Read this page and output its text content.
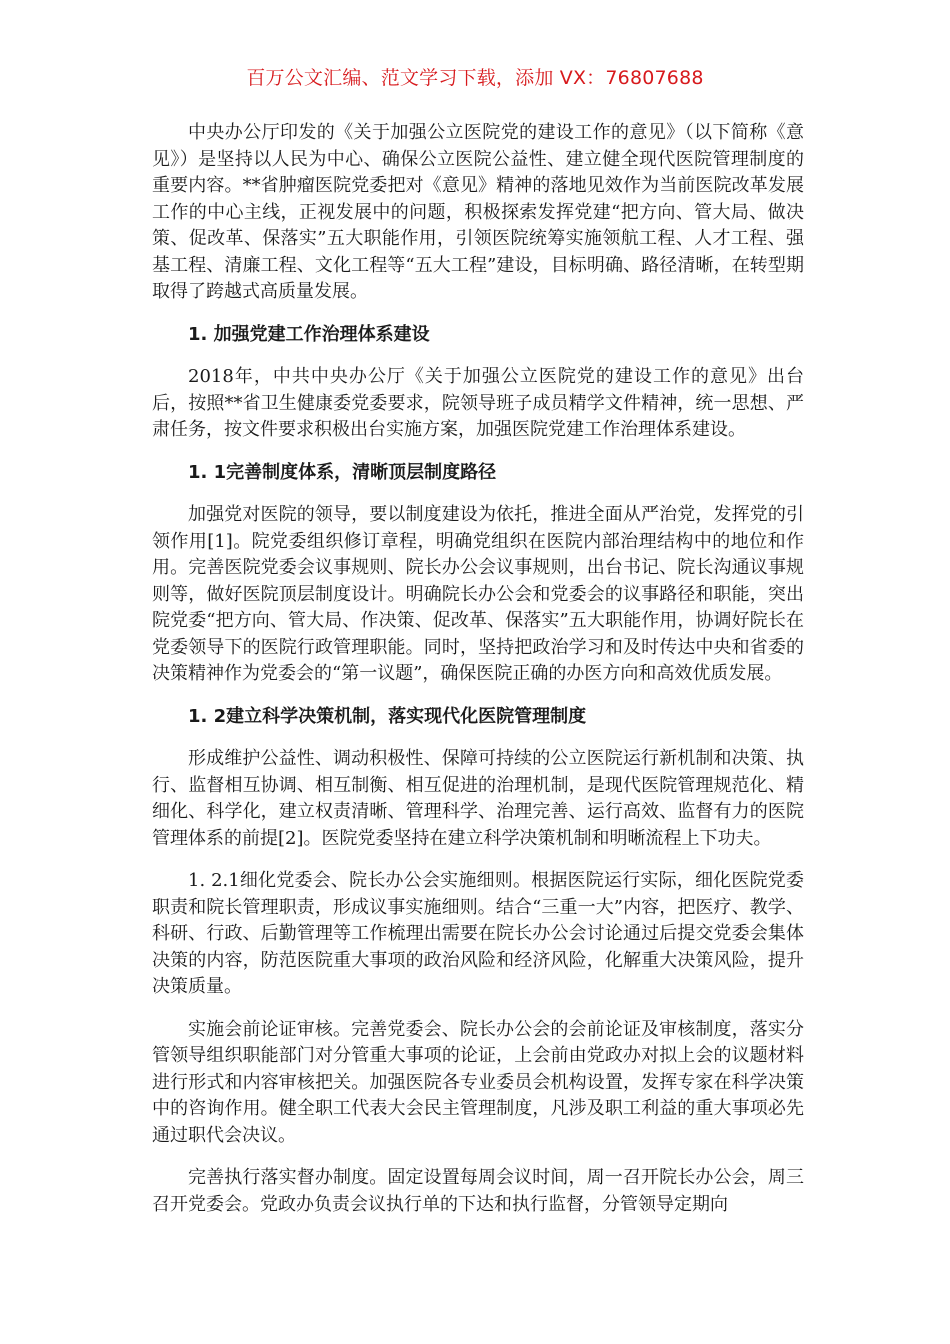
百万公文汇编、范文学习下载，添加 VX：76807688

中央办公厅印发的《关于加强公立医院党的建设工作的意见》（以下简称《意见》）是坚持以人民为中心、确保公立医院公益性、建立健全现代医院管理制度的重要内容。**省肿瘤医院党委把对《意见》精神的落地见效作为当前医院改革发展工作的中心主线，正视发展中的问题，积极探索发挥党建“把方向、管大局、做决策、促改革、保落实”五大职能作用，引领医院统筹实施领航工程、人才工程、强基工程、清廉工程、文化工程等“五大工程”建设，目标明确、路径清晰，在转型期取得了跨越式高质量发展。

1. 加强党建工作治理体系建设

2018年，中共中央办公厅《关于加强公立医院党的建设工作的意见》出台后，按照**省卫生健康委党委要求，院领导班子成员精学文件精神，统一思想、严肃任务，按文件要求积极出台实施方案，加强医院党建工作治理体系建设。

1. 1完善制度体系，清晰顶层制度路径

加强党对医院的领导，要以制度建设为依托，推进全面从严治党，发挥党的引领作用[1]。院党委组织修订章程，明确党组织在医院内部治理结构中的地位和作用。完善医院党委会议事规则、院长办公会议事规则，出台书记、院长沟通议事规则等，做好医院顶层制度设计。明确院长办公会和党委会的议事路径和职能，突出院党委“把方向、管大局、作决策、促改革、保落实”五大职能作用，协调好院长在党委领导下的医院行政管理职能。同时，坚持把政治学习和及时传达中央和省委的决策精神作为党委会的“第一议题”，确保医院正确的办医方向和高效优质发展。

1. 2建立科学决策机制，落实现代化医院管理制度

形成维护公益性、调动积极性、保障可持续的公立医院运行新机制和决策、执行、监督相互协调、相互制衡、相互促进的治理机制，是现代医院管理规范化、精细化、科学化，建立权责清晰、管理科学、治理完善、运行高效、监督有力的医院管理体系的前提[2]。医院党委坚持在建立科学决策机制和明晰流程上下功夫。

1. 2.1细化党委会、院长办公会实施细则。根据医院运行实际，细化医院党委职责和院长管理职责，形成议事实施细则。结合“三重一大”内容，把医疗、教学、科研、行政、后勤管理等工作梳理出需要在院长办公会讨论通过后提交党委会集体决策的内容，防范医院重大事项的政治风险和经济风险，化解重大决策风险，提升决策质量。

实施会前论证审核。完善党委会、院长办公会的会前论证及审核制度，落实分管领导组织职能部门对分管重大事项的论证，上会前由党政办对拟上会的议题材料进行形式和内容审核把关。加强医院各专业委员会机构设置，发挥专家在科学决策中的咨询作用。健全职工代表大会民主管理制度，凡涉及职工利益的重大事项必先通过职代会决议。

完善执行落实督办制度。固定设置每周会议时间，周一召开院长办公会，周三召开党委会。党政办负责会议执行单的下达和执行监督，分管领导定期向
